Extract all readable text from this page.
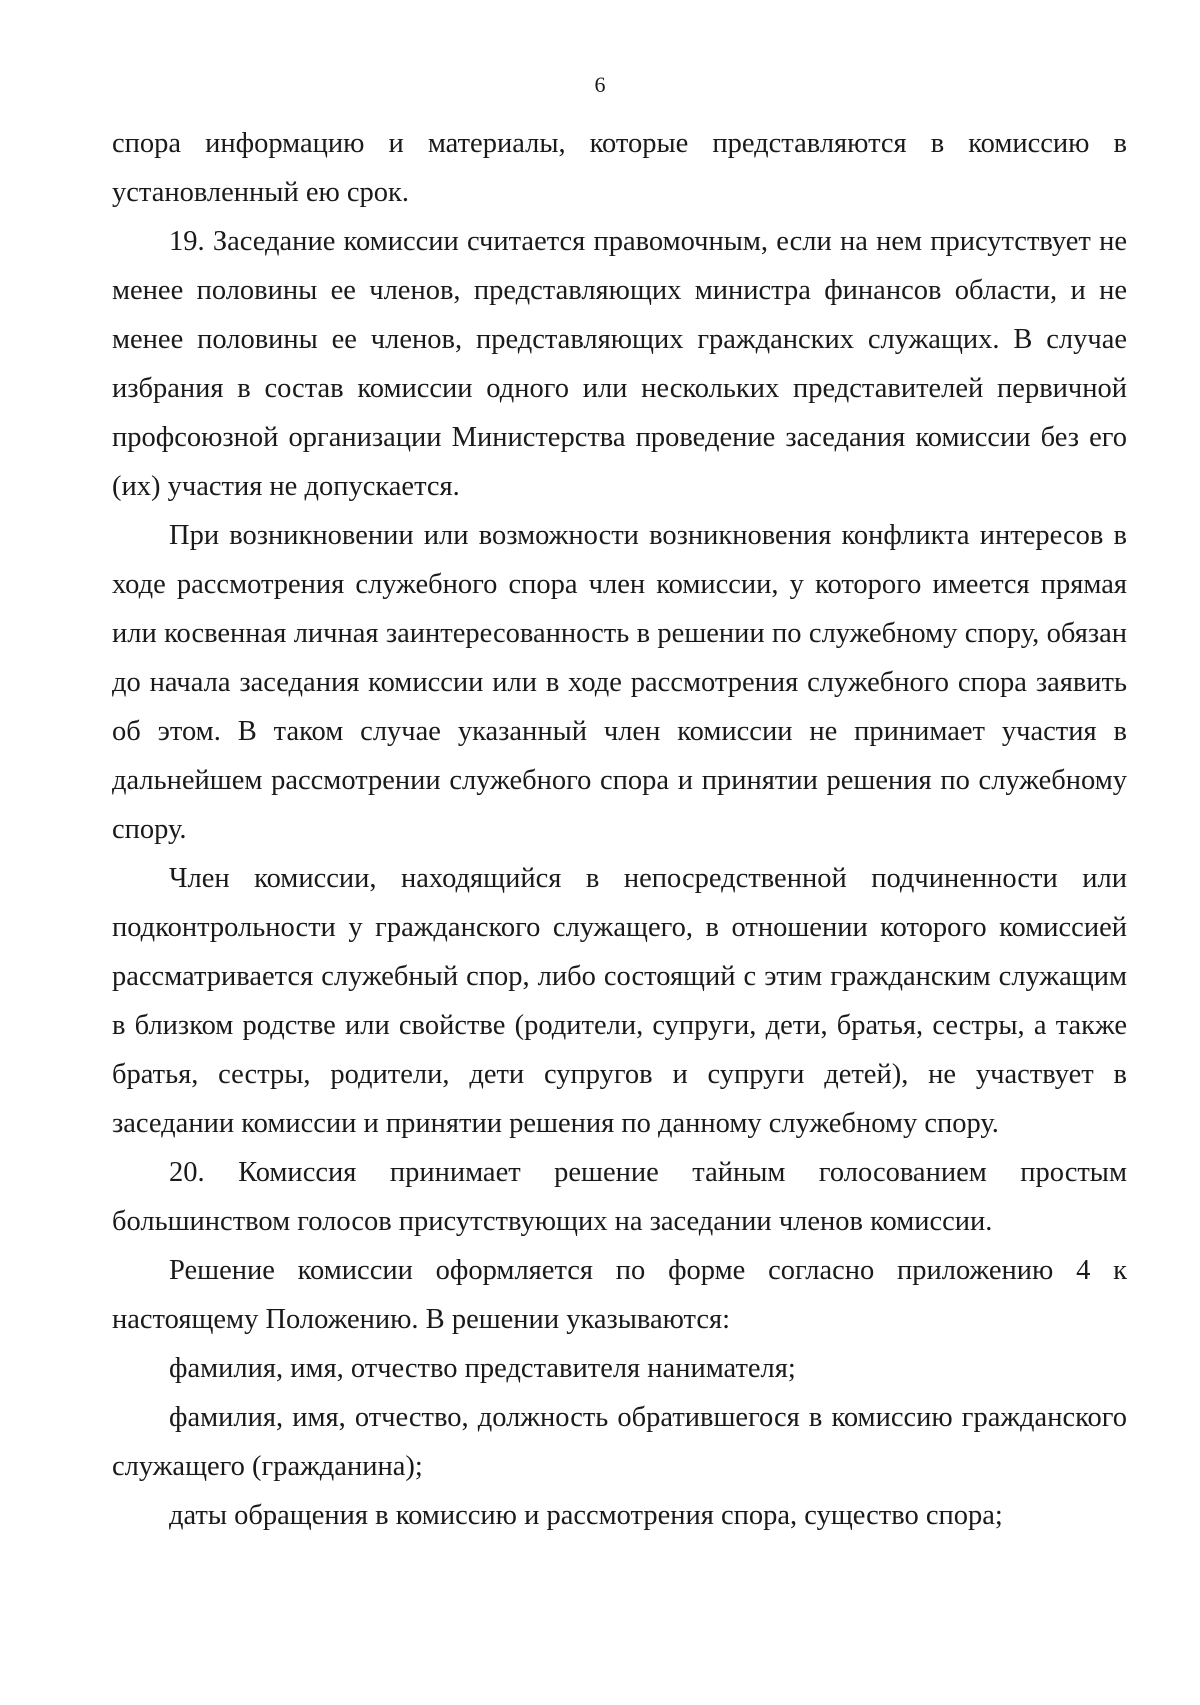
6

спора информацию и материалы, которые представляются в комиссию в установленный ею срок.

19. Заседание комиссии считается правомочным, если на нем присутствует не менее половины ее членов, представляющих министра финансов области, и не менее половины ее членов, представляющих гражданских служащих. В случае избрания в состав комиссии одного или нескольких представителей первичной профсоюзной организации Министерства проведение заседания комиссии без его (их) участия не допускается.

При возникновении или возможности возникновения конфликта интересов в ходе рассмотрения служебного спора член комиссии, у которого имеется прямая или косвенная личная заинтересованность в решении по служебному спору, обязан до начала заседания комиссии или в ходе рассмотрения служебного спора заявить об этом. В таком случае указанный член комиссии не принимает участия в дальнейшем рассмотрении служебного спора и принятии решения по служебному спору.

Член комиссии, находящийся в непосредственной подчиненности или подконтрольности у гражданского служащего, в отношении которого комиссией рассматривается служебный спор, либо состоящий с этим гражданским служащим в близком родстве или свойстве (родители, супруги, дети, братья, сестры, а также братья, сестры, родители, дети супругов и супруги детей), не участвует в заседании комиссии и принятии решения по данному служебному спору.

20. Комиссия принимает решение тайным голосованием простым большинством голосов присутствующих на заседании членов комиссии.

Решение комиссии оформляется по форме согласно приложению 4 к настоящему Положению. В решении указываются:

фамилия, имя, отчество представителя нанимателя;

фамилия, имя, отчество, должность обратившегося в комиссию гражданского служащего (гражданина);

даты обращения в комиссию и рассмотрения спора, существо спора;
